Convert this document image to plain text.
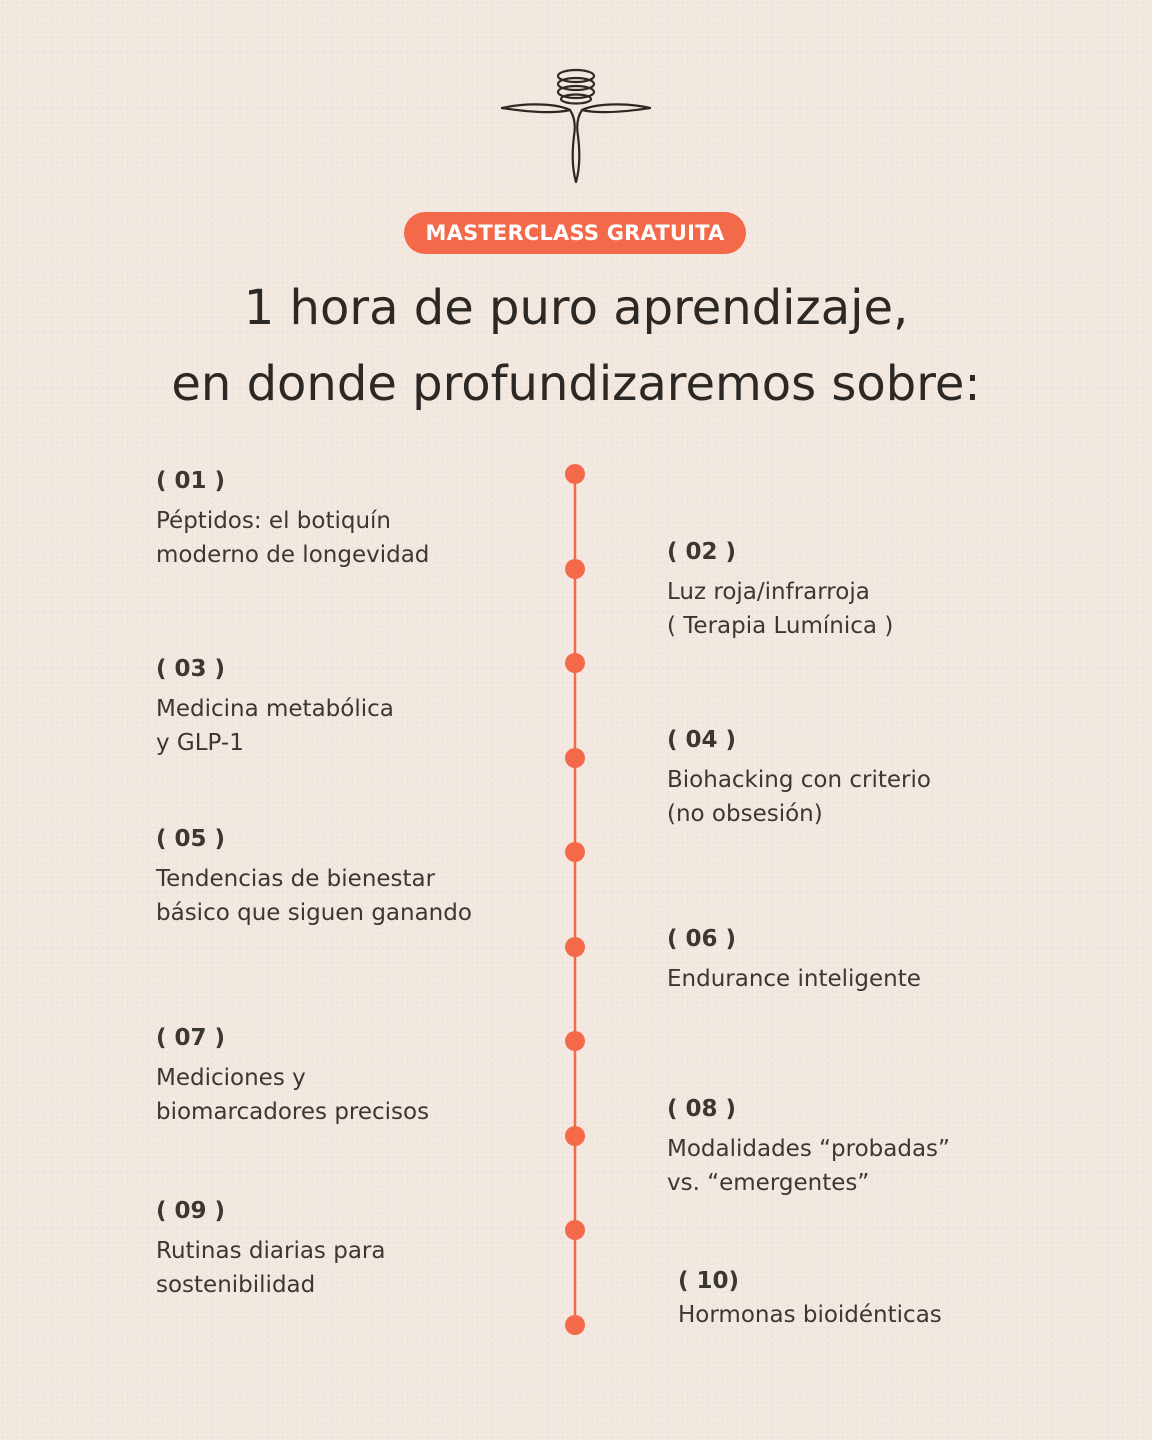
MASTERCLASS GRATUITA
1 hora de puro aprendizaje,
en donde profundizaremos sobre:

( 01 )

Péptidos: el botiquín
moderno de longevidad	( 02 )

Luz roja/infrarroja
( Terapia Lumínica )

( 03 )

Medicina metabólica
y GLP-1	( 04 )

Biohacking con criterio
(no obsesión)

( 05 )

Tendencias de bienestar
básico que siguen ganando

( 06 )

Endurance inteligente

( 07 )

Mediciones y
biomarcadores precisos	( 08 )

Modalidades “probadas”
vs. “emergentes”

( 09 )

Rutinas diarias para
sostenibilidad	( 10)

Hormonas bioidénticas
